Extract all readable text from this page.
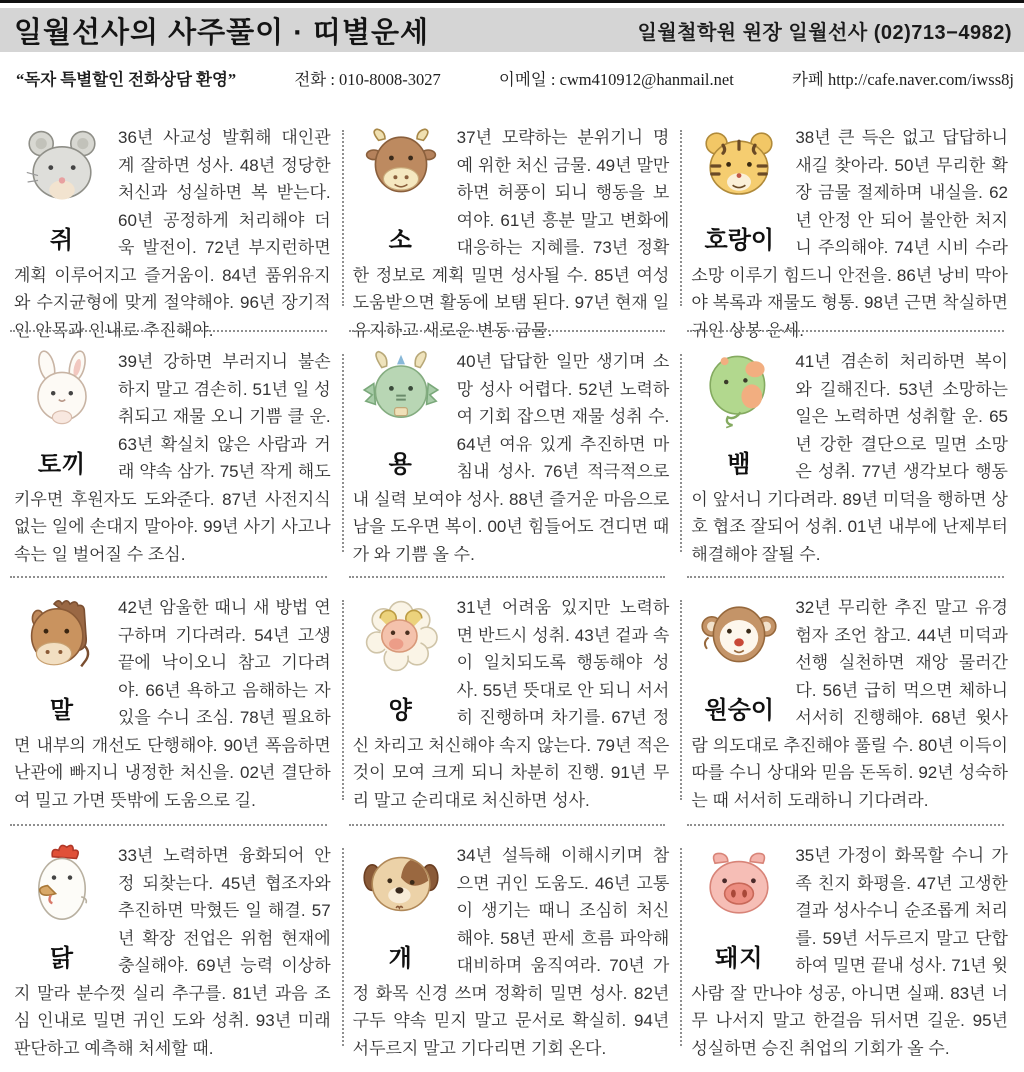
일월선사의 사주풀이 · 띠별운세	일월철학원 원장 일월선사 (02)713−4982)
“독자 특별할인 전화상담 환영”	전화 : 010-8008-3027	이메일 : cwm410912@hanmail.net	카페 http://cafe.naver.com/iwss8j
쥐

36년 사교성 발휘해 대인관계 잘하면 성사. 48년 정당한 처신과 성실하면 복 받는다. 60년 공정하게 처리해야 더욱 발전이. 72년 부지런하면 계획 이루어지고 즐거움이. 84년 품위유지와 수지균형에 맞게 절약해야. 96년 장기적인 안목과 인내로 추진해야.

소

37년 모략하는 분위기니 명예 위한 처신 금물. 49년 말만 하면 허풍이 되니 행동을 보여야. 61년 흥분 말고 변화에 대응하는 지혜를. 73년 정확한 정보로 계획 밀면 성사될 수. 85년 여성 도움받으면 활동에 보탬 된다. 97년 현재 일 유지하고 새로운 변동 금물.

호랑이

38년 큰 득은 없고 답답하니 새길 찾아라. 50년 무리한 확장 금물 절제하며 내실을. 62년 안정 안 되어 불안한 처지니 주의해야. 74년 시비 수라 소망 이루기 힘드니 안전을. 86년 낭비 막아야 복록과 재물도 형통. 98년 근면 착실하면 귀인 상봉 운세.

토끼

39년 강하면 부러지니 불손하지 말고 겸손히. 51년 일 성취되고 재물 오니 기쁨 클 운. 63년 확실치 않은 사람과 거래 약속 삼가. 75년 작게 해도 키우면 후원자도 도와준다. 87년 사전지식 없는 일에 손대지 말아야. 99년 사기 사고나 속는 일 벌어질 수 조심.

용

40년 답답한 일만 생기며 소망 성사 어렵다. 52년 노력하여 기회 잡으면 재물 성취 수. 64년 여유 있게 추진하면 마침내 성사. 76년 적극적으로 내 실력 보여야 성사. 88년 즐거운 마음으로 남을 도우면 복이. 00년 힘들어도 견디면 때가 와 기쁨 올 수.

뱀

41년 겸손히 처리하면 복이 와 길해진다. 53년 소망하는 일은 노력하면 성취할 운. 65년 강한 결단으로 밀면 소망은 성취. 77년 생각보다 행동이 앞서니 기다려라. 89년 미덕을 행하면 상호 협조 잘되어 성취. 01년 내부에 난제부터 해결해야 잘될 수.

말

42년 암울한 때니 새 방법 연구하며 기다려라. 54년 고생 끝에 낙이오니 참고 기다려야. 66년 욕하고 음해하는 자 있을 수니 조심. 78년 필요하면 내부의 개선도 단행해야. 90년 폭음하면 난관에 빠지니 냉정한 처신을. 02년 결단하여 밀고 가면 뜻밖에 도움으로 길.

양

31년 어려움 있지만 노력하면 반드시 성취. 43년 겉과 속이 일치되도록 행동해야 성사. 55년 뜻대로 안 되니 서서히 진행하며 차기를. 67년 정신 차리고 처신해야 속지 않는다. 79년 적은 것이 모여 크게 되니 차분히 진행. 91년 무리 말고 순리대로 처신하면 성사.

원숭이

32년 무리한 추진 말고 유경험자 조언 참고. 44년 미덕과 선행 실천하면 재앙 물러간다. 56년 급히 먹으면 체하니 서서히 진행해야. 68년 윗사람 의도대로 추진해야 풀릴 수. 80년 이득이 따를 수니 상대와 믿음 돈독히. 92년 성숙하는 때 서서히 도래하니 기다려라.

닭

33년 노력하면 융화되어 안정 되찾는다. 45년 협조자와 추진하면 막혔든 일 해결. 57년 확장 전업은 위험 현재에 충실해야. 69년 능력 이상하지 말라 분수껏 실리 추구를. 81년 과음 조심 인내로 밀면 귀인 도와 성취. 93년 미래 판단하고 예측해 처세할 때.

개

34년 설득해 이해시키며 참으면 귀인 도움도. 46년 고통이 생기는 때니 조심히 처신해야. 58년 판세 흐름 파악해 대비하며 움직여라. 70년 가정 화목 신경 쓰며 정확히 밀면 성사. 82년 구두 약속 믿지 말고 문서로 확실히. 94년 서두르지 말고 기다리면 기회 온다.

돼지

35년 가정이 화목할 수니 가족 친지 화평을. 47년 고생한 결과 성사수니 순조롭게 처리를. 59년 서두르지 말고 단합하여 밀면 끝내 성사. 71년 윗사람 잘 만나야 성공, 아니면 실패. 83년 너무 나서지 말고 한걸음 뒤서면 길운. 95년 성실하면 승진 취업의 기회가 올 수.
